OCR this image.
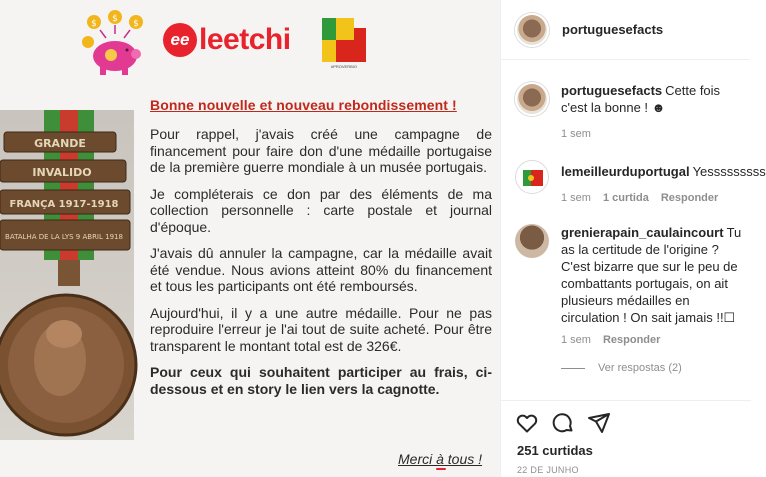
$ $ $
ee leetchi
#PROVERBIO
GRANDE
INVALIDO
FRANÇA 1917-1918
BATALHA DE LA LYS 9 ABRIL 1918
Bonne nouvelle et nouveau rebondissement !

Pour rappel, j'avais créé une campagne de financement pour faire don d'une médaille portugaise de la première guerre mondiale à un musée portugais.

Je compléterais ce don par des éléments de ma collection personnelle : carte postale et journal d'époque.

J'avais dû annuler la campagne, car la médaille avait été vendue. Nous avions atteint 80% du financement et tous les participants ont été remboursés.

Aujourd'hui, il y a une autre médaille. Pour ne pas reproduire l'erreur je l'ai tout de suite acheté. Pour être transparent le montant total est de 326€.

Pour ceux qui souhaitent participer au frais, ci-dessous et en story le lien vers la cagnotte.

Merci à tous !
portuguesefacts
portuguesefacts Cette fois c'est la bonne ! ☻
1 sem
lemeilleurduportugal Yesssssssss
1 sem 1 curtida Responder
grenierapain_caulaincourt Tu as la certitude de l'origine ? C'est bizarre que sur le peu de combattants portugais, on ait plusieurs médailles en circulation ! On sait jamais !!☐
1 sem Responder
Ver respostas (2)
251 curtidas
22 DE JUNHO
